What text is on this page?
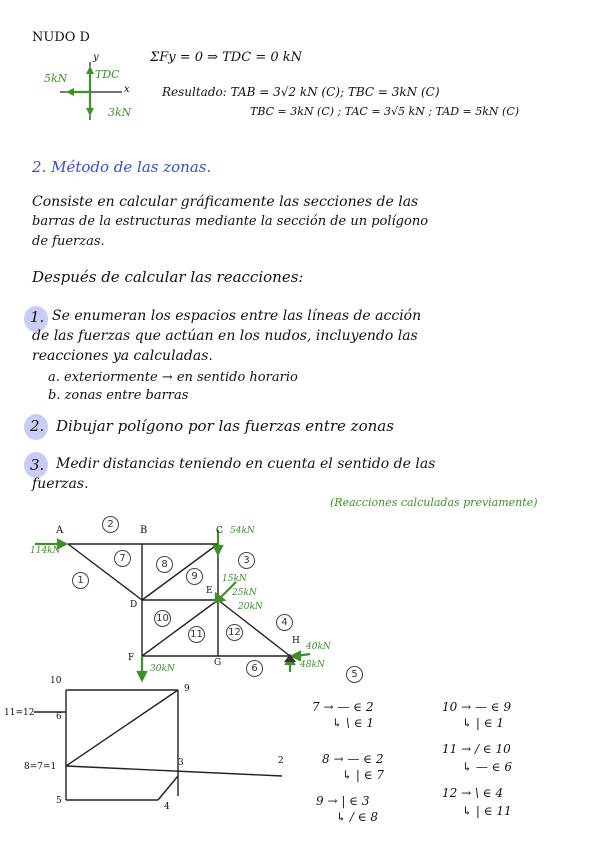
NUDO D
y
x
5kN	TDC
3kN
ΣFy = 0 ⇒ TDC = 0 kN
Resultado: TAB = 3√2 kN (C); TBC = 3kN (C)
TBC = 3kN (C) ; TAC = 3√5 kN ; TAD = 5kN (C)
2. Método de las zonas.
Consiste en calcular gráficamente las secciones de las
barras de la estructuras mediante la sección de un polígono
de fuerzas.
Después de calcular las reacciones:
1. Se enumeran los espacios entre las líneas de acción
de las fuerzas que actúan en los nudos, incluyendo las
reacciones ya calculadas.
a. exteriormente → en sentido horario
b. zonas entre barras
2. Dibujar polígono por las fuerzas entre zonas
3. Medir distancias teniendo en cuenta el sentido de las
fuerzas.
(Reacciones calculadas previamente)
A	B	C
D
E
F	G
H
114kN
54kN
15kN
25kN
20kN
40kN
48kN
30kN
1
2
3
4
5
6
7
8
9
10
11	12
10
9
11=12 6
8=7=1	3	2
5
4
7 → — ∈ 2
↳ \ ∈ 1
8 → — ∈ 2
↳ | ∈ 7
9 → | ∈ 3
↳ / ∈ 8
10 → — ∈ 9
↳ | ∈ 1
11 → / ∈ 10
↳ — ∈ 6
12 → \ ∈ 4
↳ | ∈ 11
